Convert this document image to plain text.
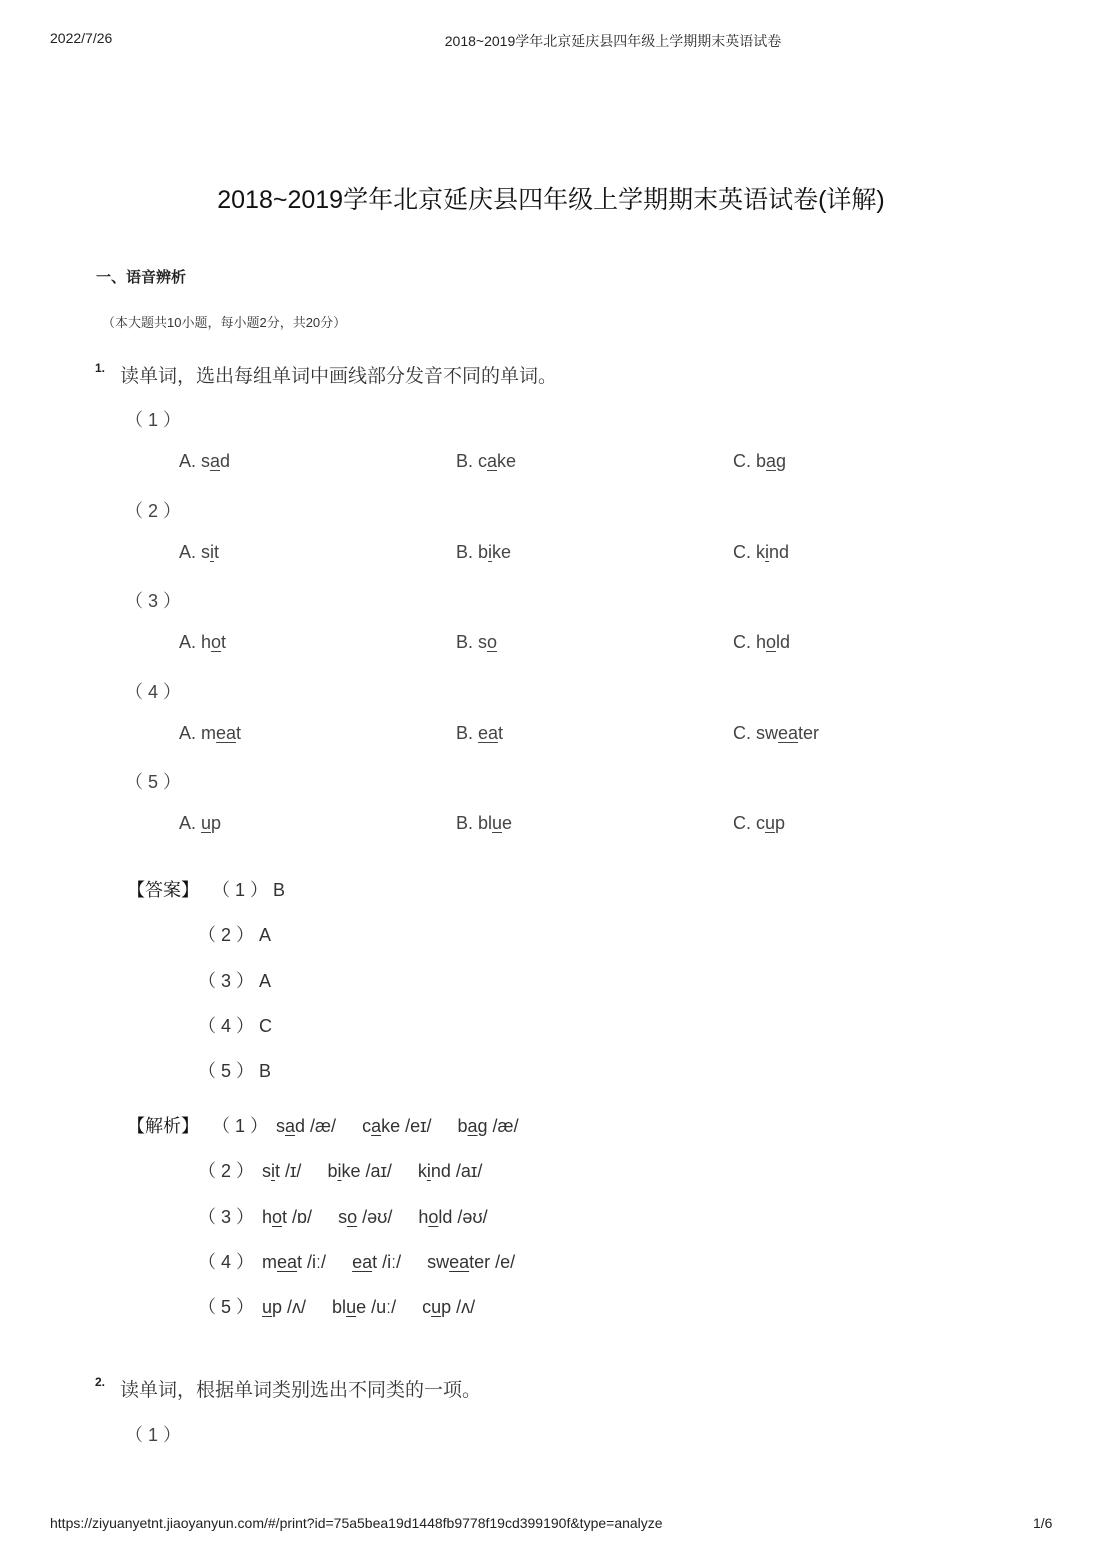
2022/7/26	2018~2019学年北京延庆县四年级上学期期末英语试卷
2018~2019学年北京延庆县四年级上学期期末英语试卷(详解)
一、语音辨析
（本大题共10小题，每小题2分，共20分）
1. 读单词，选出每组单词中画线部分发音不同的单词。
（ 1 ）
A. sad	B. cake	C. bag
（ 2 ）
A. sit	B. bike	C. kind
（ 3 ）
A. hot	B. so	C. hold
（ 4 ）
A. meat	B. eat	C. sweater
（ 5 ）
A. up	B. blue	C. cup
【答案】 （ 1 ） B
（ 2 ） A
（ 3 ） A
（ 4 ） C
（ 5 ） B
【解析】 （ 1 ） sad /æ/ cake /eɪ/ bag /æ/
（ 2 ） sit /ɪ/ bike /aɪ/ kind /aɪ/
（ 3 ） hot /ɒ/ so /əʊ/ hold /əʊ/
（ 4 ） meat /iː/ eat /iː/ sweater /e/
（ 5 ） up /ʌ/ blue /uː/ cup /ʌ/
2. 读单词，根据单词类别选出不同类的一项。
（ 1 ）
https://ziyuanyetnt.jiaoyanyun.com/#/print?id=75a5bea19d1448fb9778f19cd399190f&type=analyze	1/6
